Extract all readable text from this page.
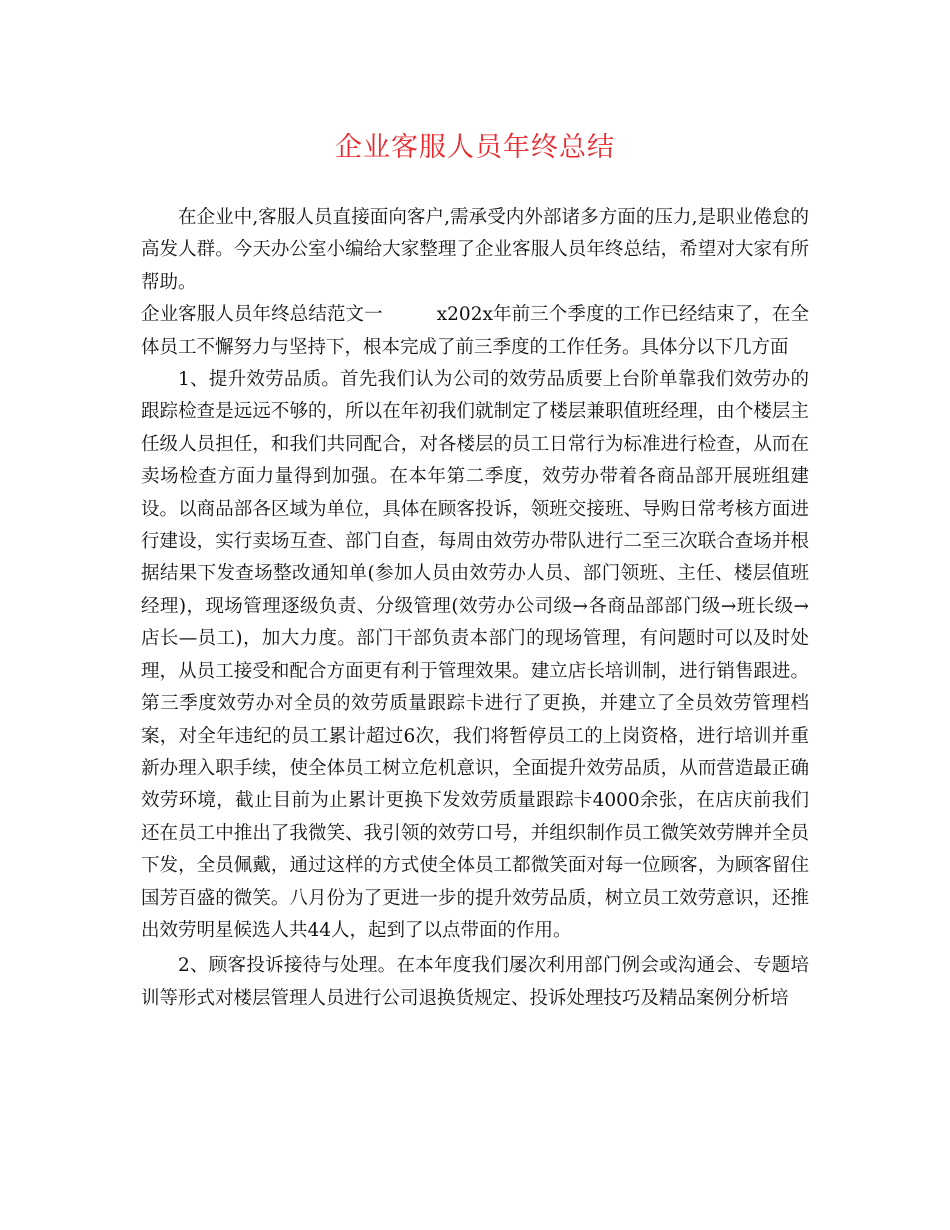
企业客服人员年终总结

在企业中,客服人员直接面向客户,需承受内外部诸多方面的压力,是职业倦怠的高发人群。今天办公室小编给大家整理了企业客服人员年终总结，希望对大家有所帮助。

企业客服人员年终总结范文一	x202x年前三个季度的工作已经结束了，在全体员工不懈努力与坚持下，根本完成了前三季度的工作任务。具体分以下几方面

1、提升效劳品质。首先我们认为公司的效劳品质要上台阶单靠我们效劳办的跟踪检查是远远不够的，所以在年初我们就制定了楼层兼职值班经理，由个楼层主任级人员担任，和我们共同配合，对各楼层的员工日常行为标准进行检查，从而在卖场检查方面力量得到加强。在本年第二季度，效劳办带着各商品部开展班组建设。以商品部各区域为单位，具体在顾客投诉，领班交接班、导购日常考核方面进行建设，实行卖场互查、部门自查，每周由效劳办带队进行二至三次联合查场并根据结果下发查场整改通知单(参加人员由效劳办人员、部门领班、主任、楼层值班经理)，现场管理逐级负责、分级管理(效劳办公司级→各商品部部门级→班长级→店长—员工)，加大力度。部门干部负责本部门的现场管理，有问题时可以及时处理，从员工接受和配合方面更有利于管理效果。建立店长培训制，进行销售跟进。第三季度效劳办对全员的效劳质量跟踪卡进行了更换，并建立了全员效劳管理档案，对全年违纪的员工累计超过6次，我们将暂停员工的上岗资格，进行培训并重新办理入职手续，使全体员工树立危机意识，全面提升效劳品质，从而营造最正确效劳环境，截止目前为止累计更换下发效劳质量跟踪卡4000余张，在店庆前我们还在员工中推出了我微笑、我引领的效劳口号，并组织制作员工微笑效劳牌并全员下发，全员佩戴，通过这样的方式使全体员工都微笑面对每一位顾客，为顾客留住国芳百盛的微笑。八月份为了更进一步的提升效劳品质，树立员工效劳意识，还推出效劳明星候选人共44人，起到了以点带面的作用。

2、顾客投诉接待与处理。在本年度我们屡次利用部门例会或沟通会、专题培训等形式对楼层管理人员进行公司退换货规定、投诉处理技巧及精品案例分析培
